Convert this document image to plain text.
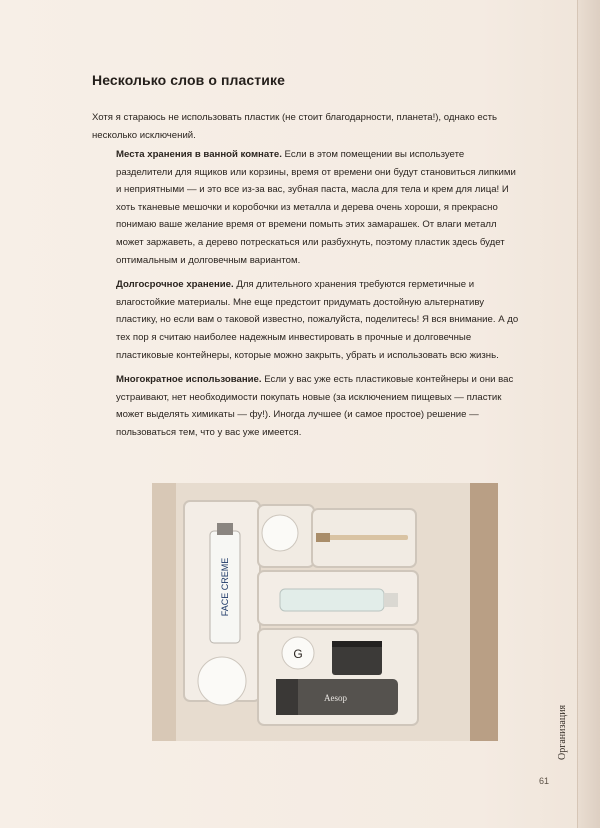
Несколько слов о пластике
Хотя я стараюсь не использовать пластик (не стоит благодарности, планета!), однако есть несколько исключений.
Места хранения в ванной комнате. Если в этом помещении вы используете разделители для ящиков или корзины, время от времени они будут становиться липкими и неприятными — и это все из-за вас, зубная паста, масла для тела и крем для лица! И хоть тканевые мешочки и коробочки из металла и дерева очень хороши, я прекрасно понимаю ваше желание время от времени помыть этих замарашек. От влаги металл может заржаветь, а дерево потрескаться или разбухнуть, поэтому пластик здесь будет оптимальным и долговечным вариантом.
Долгосрочное хранение. Для длительного хранения требуются герметичные и влагостойкие материалы. Мне еще предстоит придумать достойную альтернативу пластику, но если вам о таковой известно, пожалуйста, поделитесь! Я вся внимание. А до тех пор я считаю наиболее надежным инвестировать в прочные и долговечные пластиковые контейнеры, которые можно закрыть, убрать и использовать всю жизнь.
Многократное использование. Если у вас уже есть пластиковые контейнеры и они вас устраивают, нет необходимости покупать новые (за исключением пищевых — пластик может выделять химикаты — фу!). Иногда лучшее (и самое простое) решение — пользоваться тем, что у вас уже имеется.
FACE CREME
G
Aesop
Организация
61
